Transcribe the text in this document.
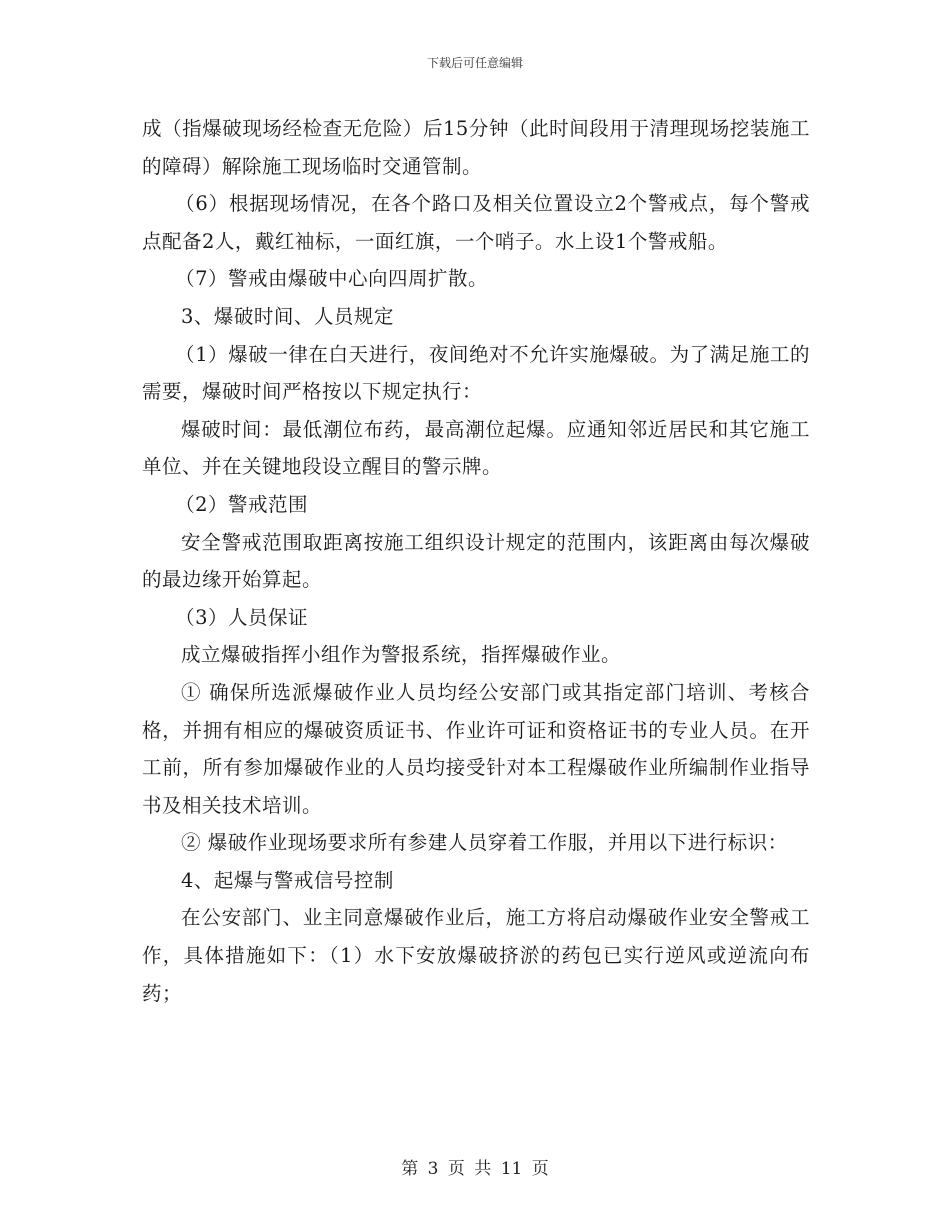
下载后可任意编辑

成（指爆破现场经检查无危险）后15分钟（此时间段用于清理现场挖装施工的障碍）解除施工现场临时交通管制。

（6）根据现场情况，在各个路口及相关位置设立2个警戒点，每个警戒点配备2人，戴红袖标，一面红旗，一个哨子。水上设1个警戒船。

（7）警戒由爆破中心向四周扩散。

3、爆破时间、人员规定

（1）爆破一律在白天进行，夜间绝对不允许实施爆破。为了满足施工的需要，爆破时间严格按以下规定执行：

爆破时间：最低潮位布药，最高潮位起爆。应通知邻近居民和其它施工单位、并在关键地段设立醒目的警示牌。

（2）警戒范围

安全警戒范围取距离按施工组织设计规定的范围内，该距离由每次爆破的最边缘开始算起。

（3）人员保证

成立爆破指挥小组作为警报系统，指挥爆破作业。

① 确保所选派爆破作业人员均经公安部门或其指定部门培训、考核合格，并拥有相应的爆破资质证书、作业许可证和资格证书的专业人员。在开工前，所有参加爆破作业的人员均接受针对本工程爆破作业所编制作业指导书及相关技术培训。

② 爆破作业现场要求所有参建人员穿着工作服，并用以下进行标识：

4、起爆与警戒信号控制

在公安部门、业主同意爆破作业后，施工方将启动爆破作业安全警戒工作，具体措施如下：（1）水下安放爆破挤淤的药包已实行逆风或逆流向布药；

第 3 页 共 11 页
